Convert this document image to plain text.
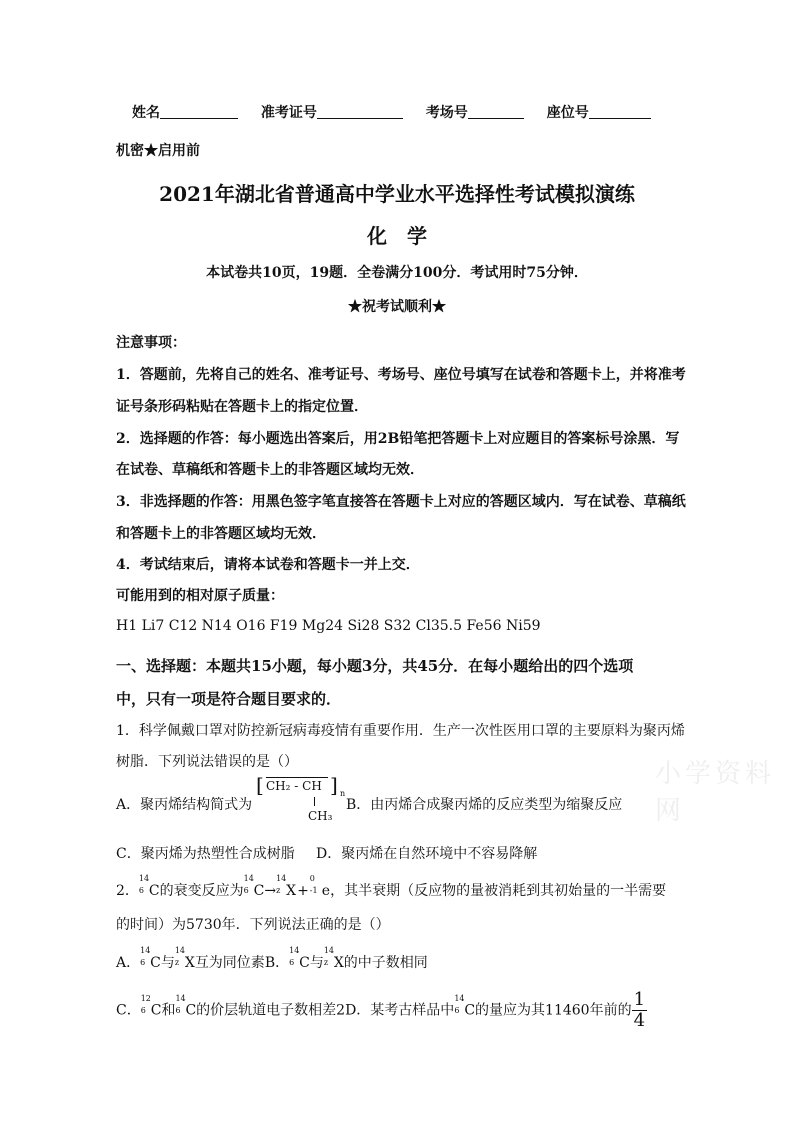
姓名	准考证号	考场号	座位号
机密★启用前
2021年湖北省普通高中学业水平选择性考试模拟演练
化　学
本试卷共10页，19题．全卷满分100分．考试用时75分钟．
★祝考试顺利★
注意事项：
1．答题前，先将自己的姓名、准考证号、考场号、座位号填写在试卷和答题卡上，并将准考
证号条形码粘贴在答题卡上的指定位置．
2．选择题的作答：每小题选出答案后，用2B铅笔把答题卡上对应题目的答案标号涂黑．写
在试卷、草稿纸和答题卡上的非答题区域均无效．
3．非选择题的作答：用黑色签字笔直接答在答题卡上对应的答题区域内．写在试卷、草稿纸
和答题卡上的非答题区域均无效．
4．考试结束后，请将本试卷和答题卡一并上交．
可能用到的相对原子质量：
H1 Li7 C12 N14 O16 F19 Mg24 Si28 S32 Cl35.5 Fe56 Ni59
一、选择题：本题共15小题，每小题3分，共45分．在每小题给出的四个选项
中，只有一项是符合题目要求的．
1．科学佩戴口罩对防控新冠病毒疫情有重要作用．生产一次性医用口罩的主要原料为聚丙烯
树脂．下列说法错误的是（）
A．聚丙烯结构简式为
[ CH₂ - CH ] n
CH₃
B．由丙烯合成聚丙烯的反应类型为缩聚反应
C．聚丙烯为热塑性合成树脂 D．聚丙烯在自然环境中不容易降解
2．
14
6 C的衰变反应为
14
6 C→
14
z X+
0
-1 e，其半衰期（反应物的量被消耗到其初始量的一半需要
的时间）为5730年．下列说法正确的是（）
A．
14
6 C与
14
z X互为同位素B．
14
6 C与
14
z X的中子数相同
C．
12
6 C和
14
6 C的价层轨道电子数相差2D．某考古样品中
14
6 C的量应为其11460年前的 $\frac{1}{4}$
小学资料网
